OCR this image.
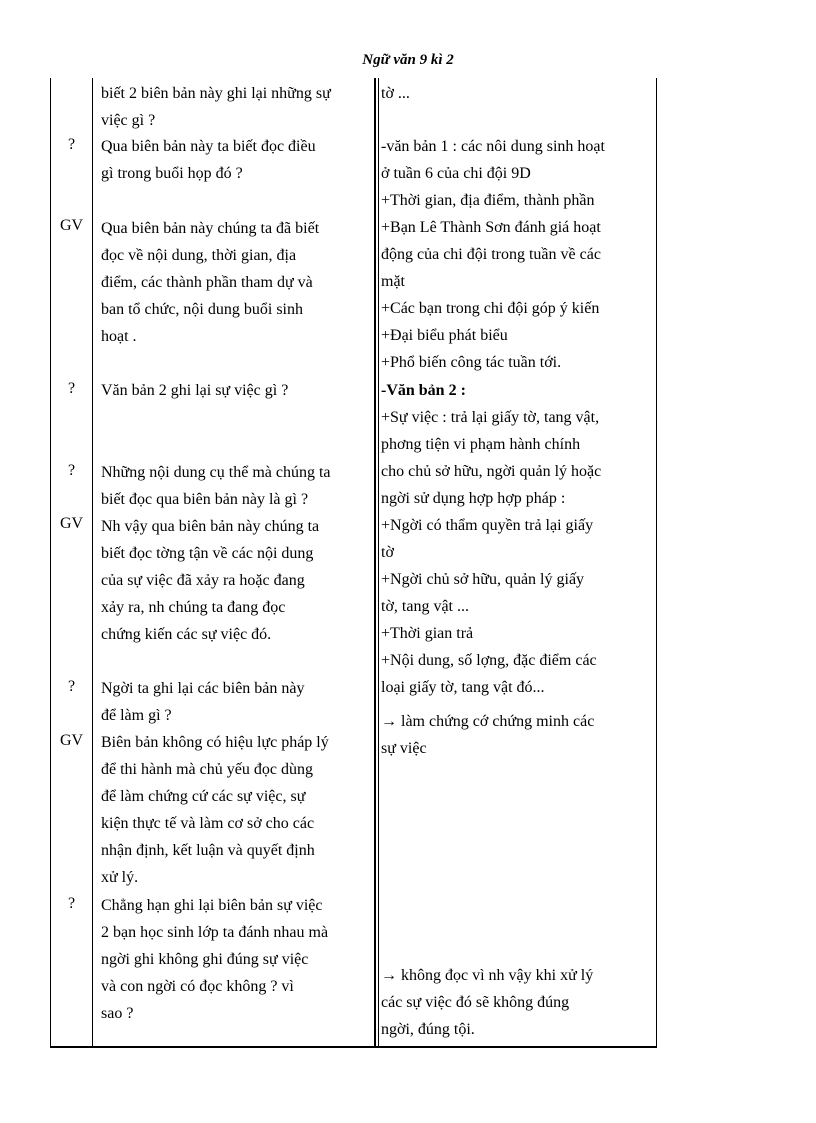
Ngữ văn 9 kì 2
?
GV
?
?
GV
?
GV
?
biết 2 biên bản này ghi lại những sự
việc gì ?
Qua biên bản này ta biết đọc điều
gì trong buổi họp đó ?
Qua biên bản này chúng ta đã biết
đọc về nội dung, thời gian, địa
điểm, các thành phần tham dự và
ban tổ chức, nội dung buổi sinh
hoạt .
Văn bản 2 ghi lại sự việc gì ?
Những nội dung cụ thể mà chúng ta
biết đọc qua biên bản này là gì ?
Nh vậy qua biên bản này chúng ta
biết đọc tờng tận về các nội dung
của sự việc đã xảy ra hoặc đang
xảy ra, nh chúng ta đang đọc
chứng kiến các sự việc đó.
Ngời ta ghi lại các biên bản này
để làm gì ?
Biên bản không có hiệu lực pháp lý
để thi hành mà chủ yếu đọc dùng
để làm chứng cứ các sự việc, sự
kiện thực tế và làm cơ sở cho các
nhận định, kết luận và quyết định
xử lý.
Chẳng hạn ghi lại biên bản sự việc
2 bạn học sinh lớp ta đánh nhau mà
ngời ghi không ghi đúng sự việc
và con ngời có đọc không ? vì
sao ?
tờ ...
-văn bản 1 : các nôi dung sinh hoạt
ở tuần 6 của chi đội 9D
+Thời gian, địa điểm, thành phần
+Bạn Lê Thành Sơn đánh giá hoạt
động của chi đội trong tuần về các
mặt
+Các bạn trong chi đội góp ý kiến
+Đại biểu phát biểu
+Phổ biến công tác tuần tới.
-Văn bản 2 :
+Sự việc : trả lại giấy tờ, tang vật,
phơng tiện vi phạm hành chính
cho chủ sở hữu, ngời quản lý hoặc
ngời sử dụng hợp hợp pháp :
+Ngời có thẩm quyền trả lại giấy
tờ
+Ngời chủ sở hữu, quản lý giấy
tờ, tang vật ...
+Thời gian trả
+Nội dung, số lợng, đặc điểm các
loại giấy tờ, tang vật đó...
→ làm chứng cớ chứng minh các
sự việc
→ không đọc vì nh vậy khi xử lý
các sự việc đó sẽ không đúng
ngời, đúng tội.
